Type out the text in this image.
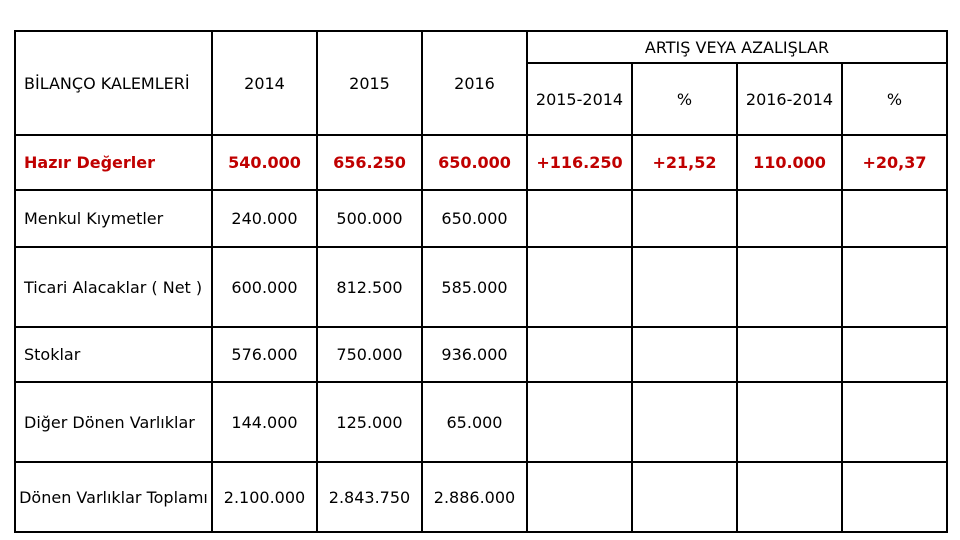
BİLANÇO KALEMLERİ	2014	2015	2016	ARTIŞ VEYA AZALIŞLAR			
				2015-2014	%	2016-2014	%
Hazır Değerler	540.000	656.250	650.000	+116.250	+21,52	110.000	+20,37
Menkul Kıymetler	240.000	500.000	650.000				
Ticari Alacaklar ( Net )	600.000	812.500	585.000				
Stoklar	576.000	750.000	936.000				
Diğer Dönen Varlıklar	144.000	125.000	65.000				
Dönen Varlıklar Toplamı	2.100.000	2.843.750	2.886.000				
